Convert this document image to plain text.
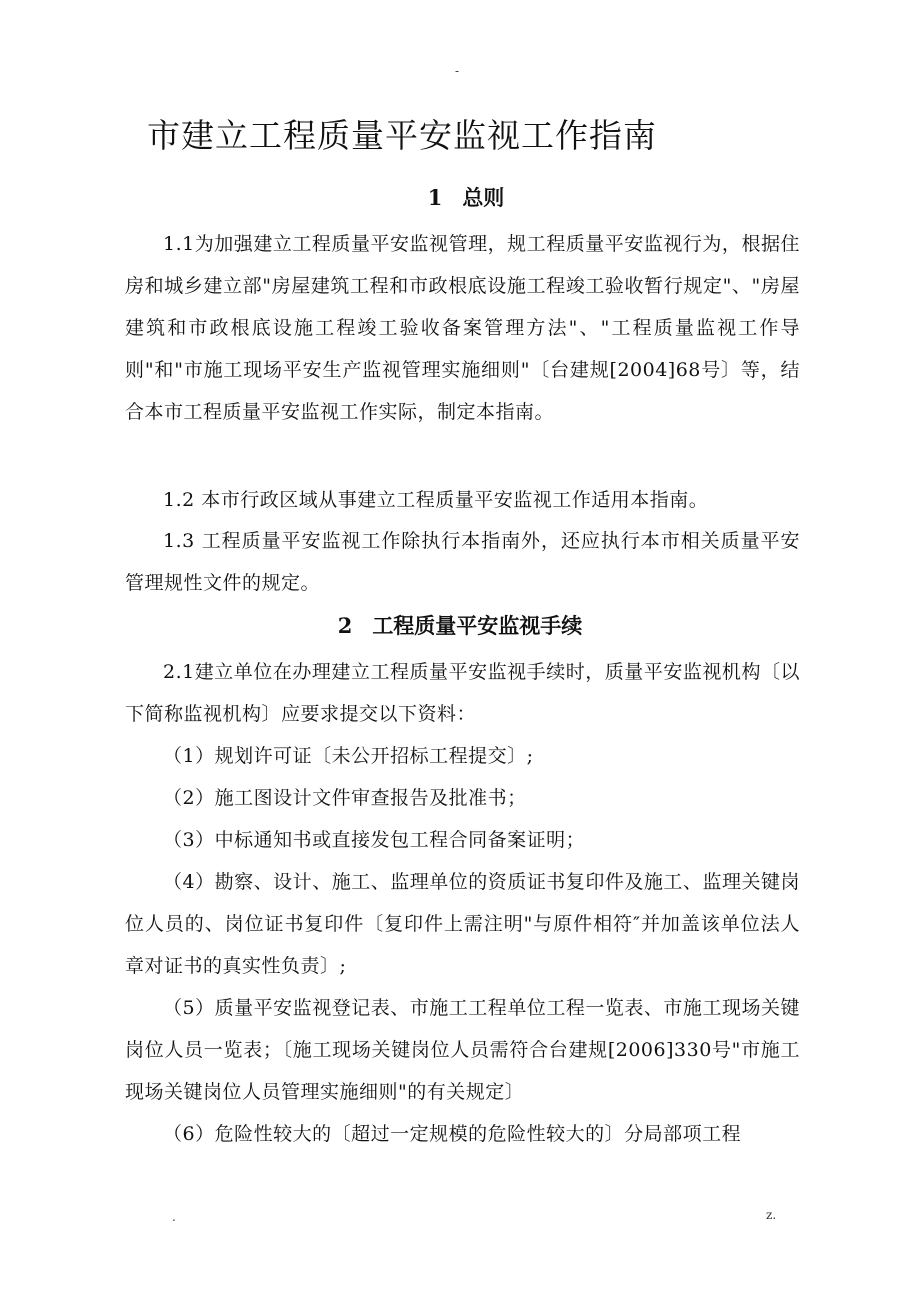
-
市建立工程质量平安监视工作指南
1 总则

1.1为加强建立工程质量平安监视管理，规工程质量平安监视行为，根据住房和城乡建立部"房屋建筑工程和市政根底设施工程竣工验收暂行规定"、"房屋建筑和市政根底设施工程竣工验收备案管理方法"、"工程质量监视工作导则"和"市施工现场平安生产监视管理实施细则"〔台建规[2004]68号〕等，结合本市工程质量平安监视工作实际，制定本指南。

1.2 本市行政区域从事建立工程质量平安监视工作适用本指南。

1.3 工程质量平安监视工作除执行本指南外，还应执行本市相关质量平安管理规性文件的规定。

2 工程质量平安监视手续

2.1建立单位在办理建立工程质量平安监视手续时，质量平安监视机构〔以下简称监视机构〕应要求提交以下资料：

（1）规划许可证〔未公开招标工程提交〕;
（2）施工图设计文件审查报告及批准书；
（3）中标通知书或直接发包工程合同备案证明；
（4）勘察、设计、施工、监理单位的资质证书复印件及施工、监理关键岗位人员的、岗位证书复印件〔复印件上需注明"与原件相符″并加盖该单位法人章对证书的真实性负责〕;
（5）质量平安监视登记表、市施工工程单位工程一览表、市施工现场关键岗位人员一览表；〔施工现场关键岗位人员需符合台建规[2006]330号"市施工现场关键岗位人员管理实施细则"的有关规定〕
（6）危险性较大的〔超过一定规模的危险性较大的〕分局部项工程
.	z.
